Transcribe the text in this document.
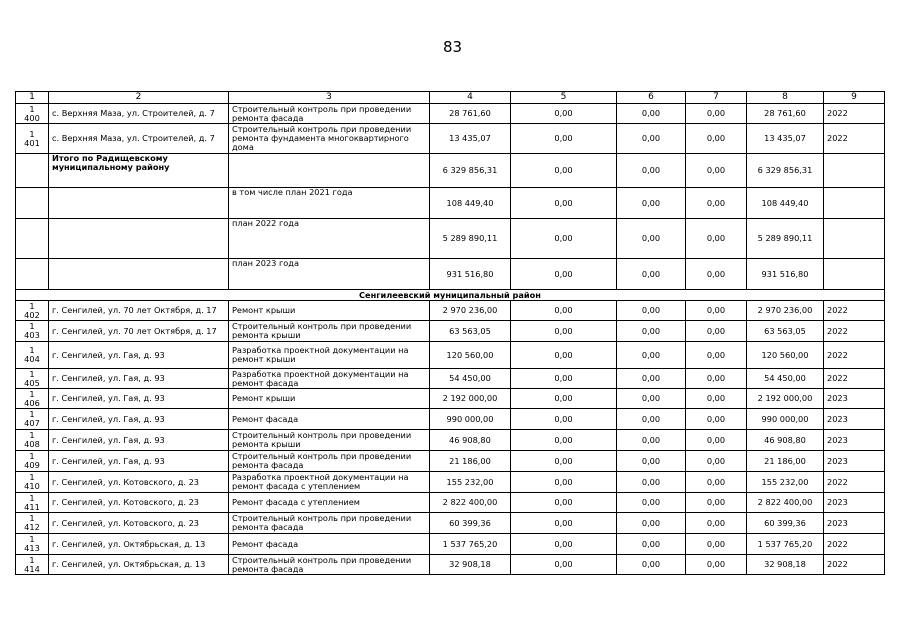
83
1	2	3	4	5	6	7	8	9
1
400	с. Верхняя Маза, ул. Строителей, д. 7	Строительный контроль при проведении ремонта фасада	28 761,60	0,00	0,00	0,00	28 761,60	2022
1
401	с. Верхняя Маза, ул. Строителей, д. 7	Строительный контроль при проведении ремонта фундамента многоквартирного дома	13 435,07	0,00	0,00	0,00	13 435,07	2022
	Итого по Радищевскому муниципальному району		6 329 856,31	0,00	0,00	0,00	6 329 856,31	
		в том числе план 2021 года	108 449,40	0,00	0,00	0,00	108 449,40	
		план 2022 года	5 289 890,11	0,00	0,00	0,00	5 289 890,11	
		план 2023 года	931 516,80	0,00	0,00	0,00	931 516,80	
Сенгилеевский муниципальный район								
1
402	г. Сенгилей, ул. 70 лет Октября, д. 17	Ремонт крыши	2 970 236,00	0,00	0,00	0,00	2 970 236,00	2022
1
403	г. Сенгилей, ул. 70 лет Октября, д. 17	Строительный контроль при проведении ремонта крыши	63 563,05	0,00	0,00	0,00	63 563,05	2022
1
404	г. Сенгилей, ул. Гая, д. 93	Разработка проектной документации на ремонт крыши	120 560,00	0,00	0,00	0,00	120 560,00	2022
1
405	г. Сенгилей, ул. Гая, д. 93	Разработка проектной документации на ремонт фасада	54 450,00	0,00	0,00	0,00	54 450,00	2022
1
406	г. Сенгилей, ул. Гая, д. 93	Ремонт крыши	2 192 000,00	0,00	0,00	0,00	2 192 000,00	2023
1
407	г. Сенгилей, ул. Гая, д. 93	Ремонт фасада	990 000,00	0,00	0,00	0,00	990 000,00	2023
1
408	г. Сенгилей, ул. Гая, д. 93	Строительный контроль при проведении ремонта крыши	46 908,80	0,00	0,00	0,00	46 908,80	2023
1
409	г. Сенгилей, ул. Гая, д. 93	Строительный контроль при проведении ремонта фасада	21 186,00	0,00	0,00	0,00	21 186,00	2023
1
410	г. Сенгилей, ул. Котовского, д. 23	Разработка проектной документации на ремонт фасада с утеплением	155 232,00	0,00	0,00	0,00	155 232,00	2022
1
411	г. Сенгилей, ул. Котовского, д. 23	Ремонт фасада с утеплением	2 822 400,00	0,00	0,00	0,00	2 822 400,00	2023
1
412	г. Сенгилей, ул. Котовского, д. 23	Строительный контроль при проведении ремонта фасада	60 399,36	0,00	0,00	0,00	60 399,36	2023
1
413	г. Сенгилей, ул. Октябрьская, д. 13	Ремонт фасада	1 537 765,20	0,00	0,00	0,00	1 537 765,20	2022
1
414	г. Сенгилей, ул. Октябрьская, д. 13	Строительный контроль при проведении ремонта фасада	32 908,18	0,00	0,00	0,00	32 908,18	2022
